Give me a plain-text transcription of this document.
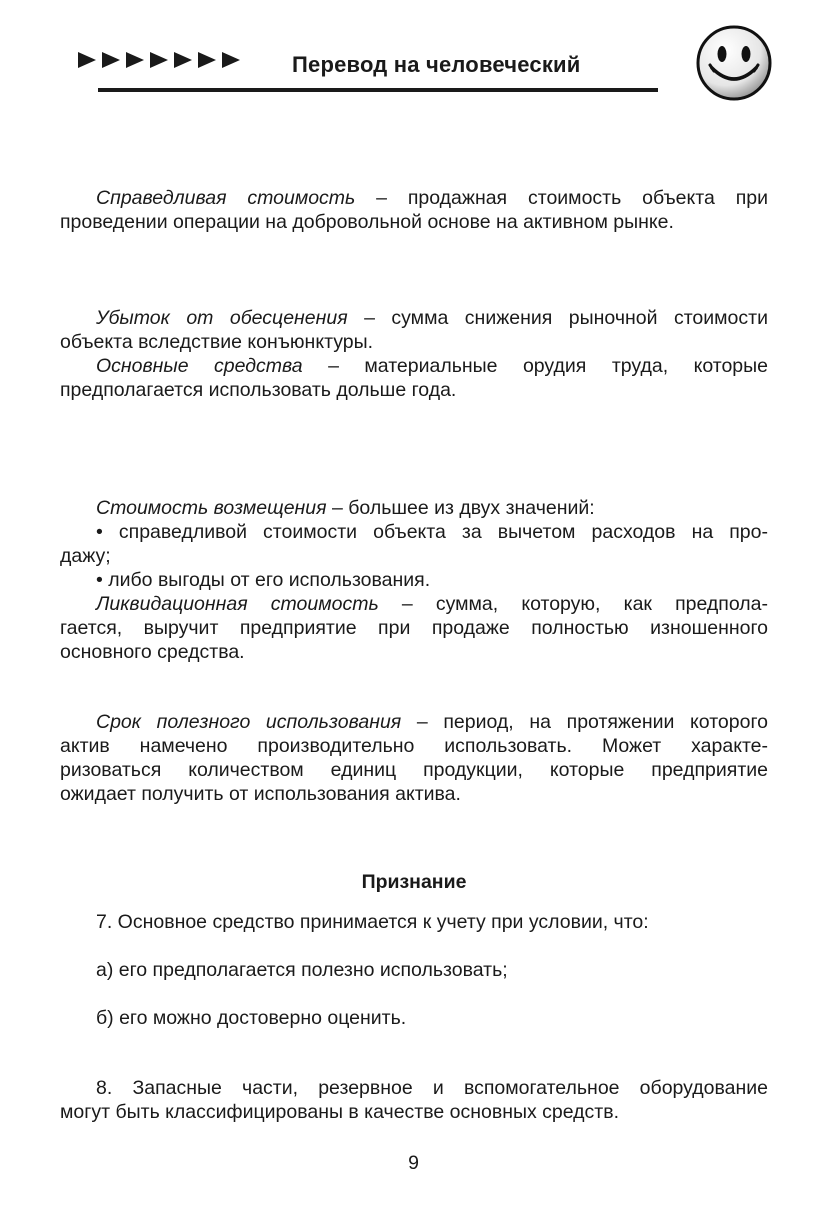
Перевод на человеческий

Справедливая стоимость – продажная стоимость объекта при
проведении операции на добровольной основе на активном рынке.

Убыток от обесценения – сумма снижения рыночной стоимости
объекта вследствие конъюнктуры.

Основные средства – материальные орудия труда, которые
предполагается использовать дольше года.

Стоимость возмещения – большее из двух значений:

• справедливой стоимости объекта за вычетом расходов на про-
дажу;

• либо выгоды от его использования.

Ликвидационная стоимость – сумма, которую, как предпола-
гается, выручит предприятие при продаже полностью изношенного
основного средства.

Срок полезного использования – период, на протяжении которого
актив намечено производительно использовать. Может характе-
ризоваться количеством единиц продукции, которые предприятие
ожидает получить от использования актива.

Признание

7. Основное средство принимается к учету при условии, что:

а) его предполагается полезно использовать;

б) его можно достоверно оценить.

8. Запасные части, резервное и вспомогательное оборудование
могут быть классифицированы в качестве основных средств.

9
